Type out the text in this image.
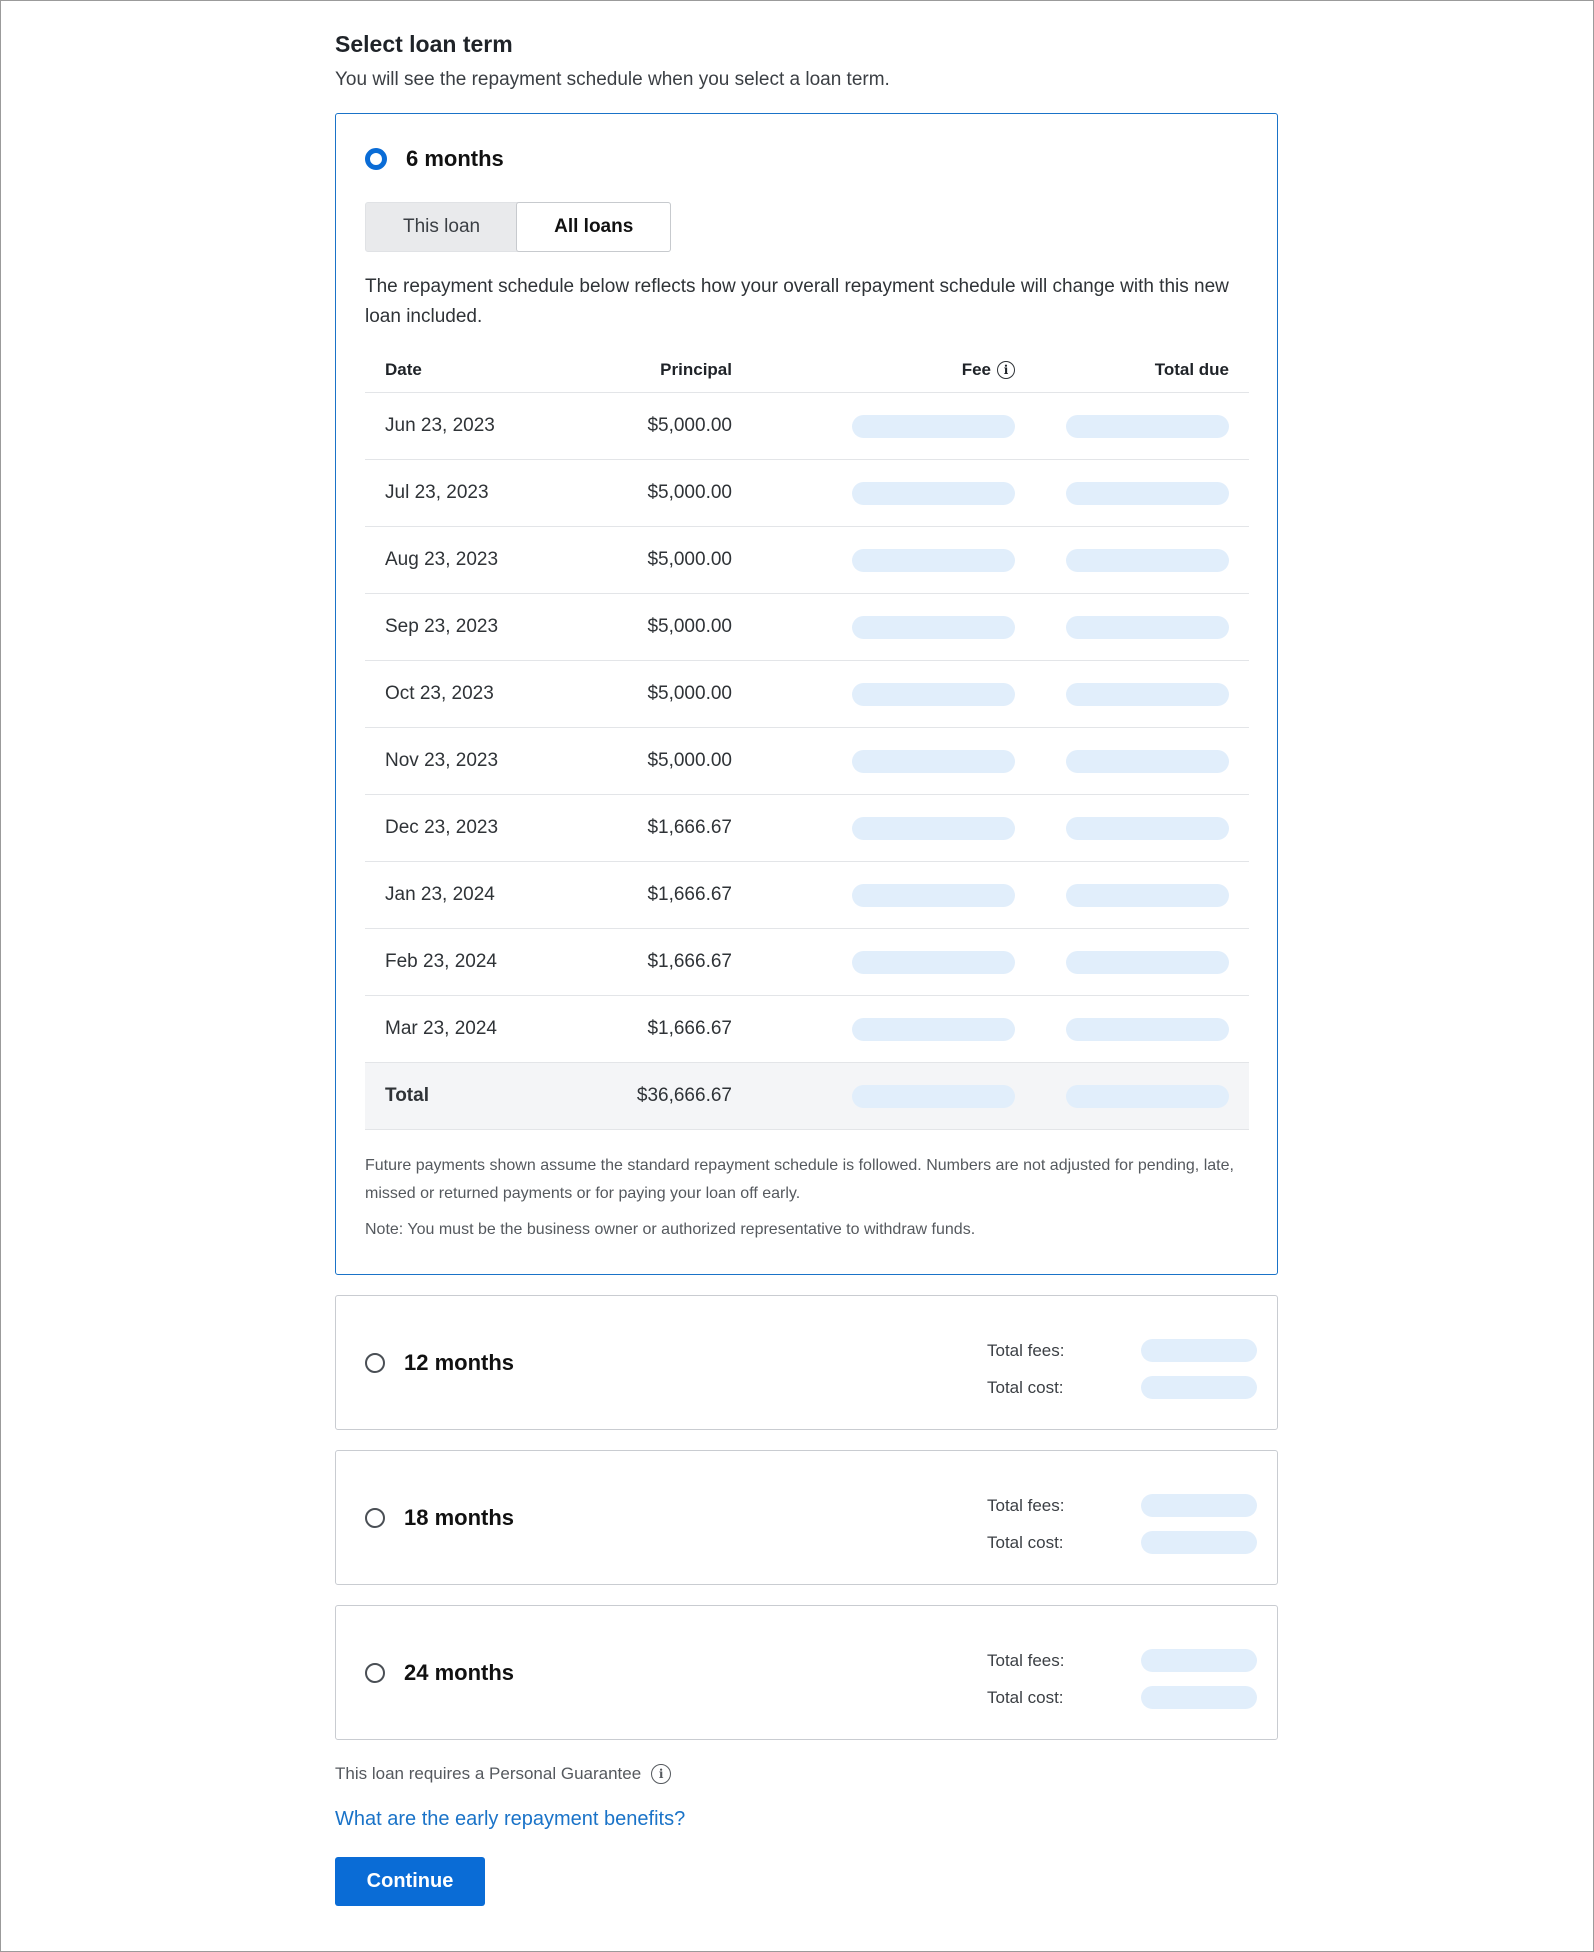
Select loan term
You will see the repayment schedule when you select a loan term.
6 months
This loan	All loans
The repayment schedule below reflects how your overall repayment schedule will change with this new loan included.
Date	Principal	Fee i	Total due
Jun 23, 2023	$5,000.00		
Jul 23, 2023	$5,000.00		
Aug 23, 2023	$5,000.00		
Sep 23, 2023	$5,000.00		
Oct 23, 2023	$5,000.00		
Nov 23, 2023	$5,000.00		
Dec 23, 2023	$1,666.67		
Jan 23, 2024	$1,666.67		
Feb 23, 2024	$1,666.67		
Mar 23, 2024	$1,666.67		
Total	$36,666.67		
Future payments shown assume the standard repayment schedule is followed. Numbers are not adjusted for pending, late, missed or returned payments or for paying your loan off early.
Note: You must be the business owner or authorized representative to withdraw funds.
12 months	Total fees:
Total cost:
18 months	Total fees:
Total cost:
24 months	Total fees:
Total cost:
This loan requires a Personal Guarantee	i
What are the early repayment benefits?
Continue
